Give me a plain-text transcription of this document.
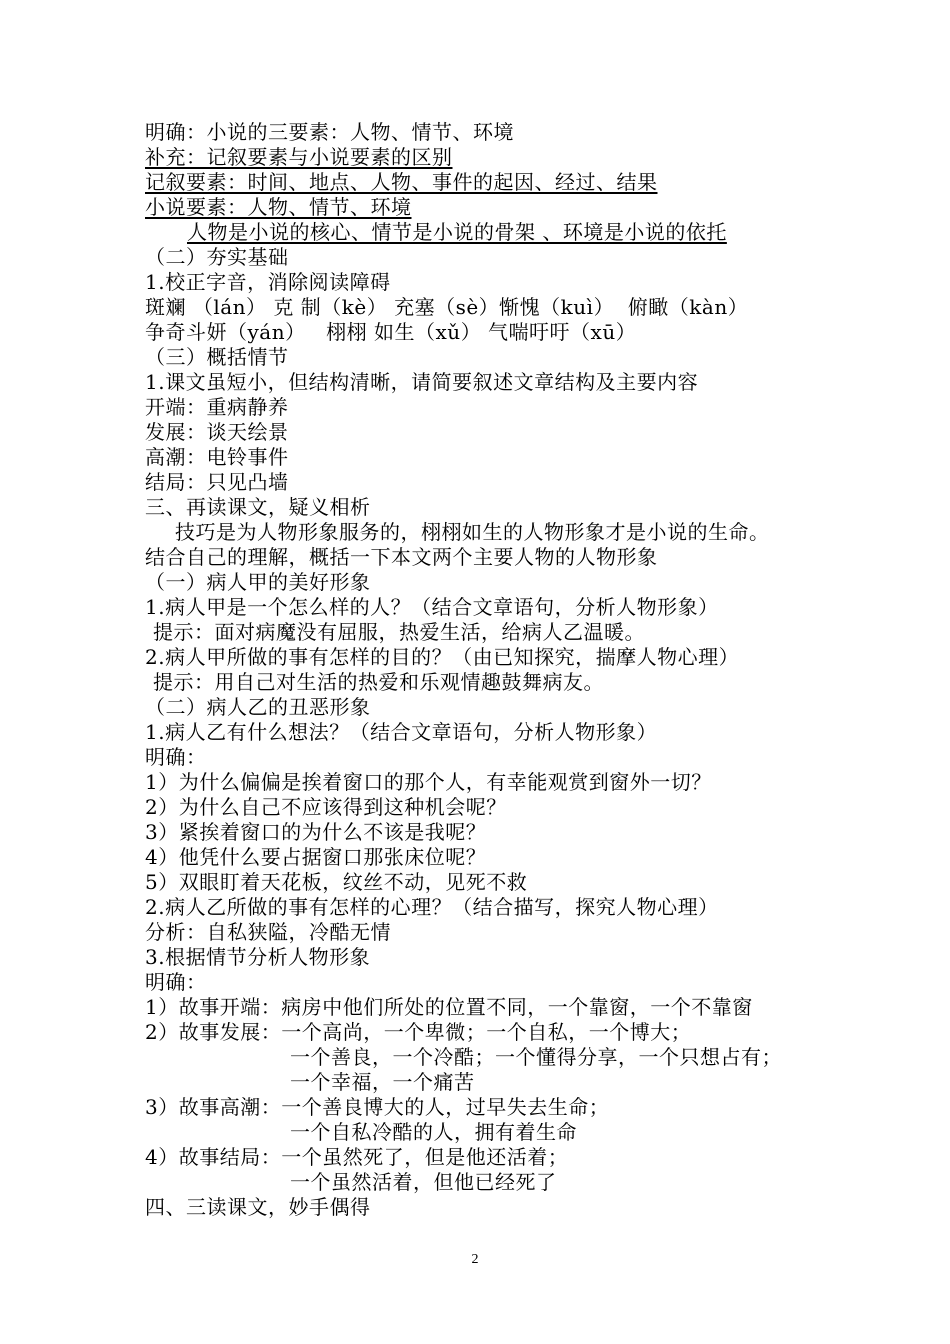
明确：小说的三要素：人物、情节、环境
补充：记叙要素与小说要素的区别
记叙要素：时间、地点、人物、事件的起因、经过、结果
小说要素：人物、情节、环境
人物是小说的核心、情节是小说的骨架 、环境是小说的依托
（二）夯实基础
1.校正字音，消除阅读障碍
斑斓 （lán） 克 制（kè） 充塞（sè）惭愧（kuì）  俯瞰（kàn）
争奇斗妍（yán）   栩栩 如生（xǔ） 气喘吁吁（xū）
（三）概括情节
1.课文虽短小，但结构清晰，请简要叙述文章结构及主要内容
开端：重病静养
发展：谈天绘景
高潮：电铃事件
结局：只见凸墙
三、再读课文，疑义相析
技巧是为人物形象服务的，栩栩如生的人物形象才是小说的生命。
结合自己的理解，概括一下本文两个主要人物的人物形象
（一）病人甲的美好形象
1.病人甲是一个怎么样的人？（结合文章语句，分析人物形象）
提示：面对病魔没有屈服，热爱生活，给病人乙温暖。
2.病人甲所做的事有怎样的目的？（由已知探究，揣摩人物心理）
提示：用自己对生活的热爱和乐观情趣鼓舞病友。
（二）病人乙的丑恶形象
1.病人乙有什么想法？（结合文章语句，分析人物形象）
明确：
1）为什么偏偏是挨着窗口的那个人，有幸能观赏到窗外一切？
2）为什么自己不应该得到这种机会呢？
3）紧挨着窗口的为什么不该是我呢？
4）他凭什么要占据窗口那张床位呢？
5）双眼盯着天花板，纹丝不动，见死不救
2.病人乙所做的事有怎样的心理？（结合描写，探究人物心理）
分析：自私狭隘，冷酷无情
3.根据情节分析人物形象
明确：
1）故事开端：病房中他们所处的位置不同，一个靠窗，一个不靠窗
2）故事发展：一个高尚，一个卑微；一个自私，一个博大；
一个善良，一个冷酷；一个懂得分享，一个只想占有；
一个幸福，一个痛苦
3）故事高潮：一个善良博大的人，过早失去生命；
一个自私冷酷的人，拥有着生命
4）故事结局：一个虽然死了，但是他还活着；
一个虽然活着，但他已经死了
四、三读课文，妙手偶得
2
